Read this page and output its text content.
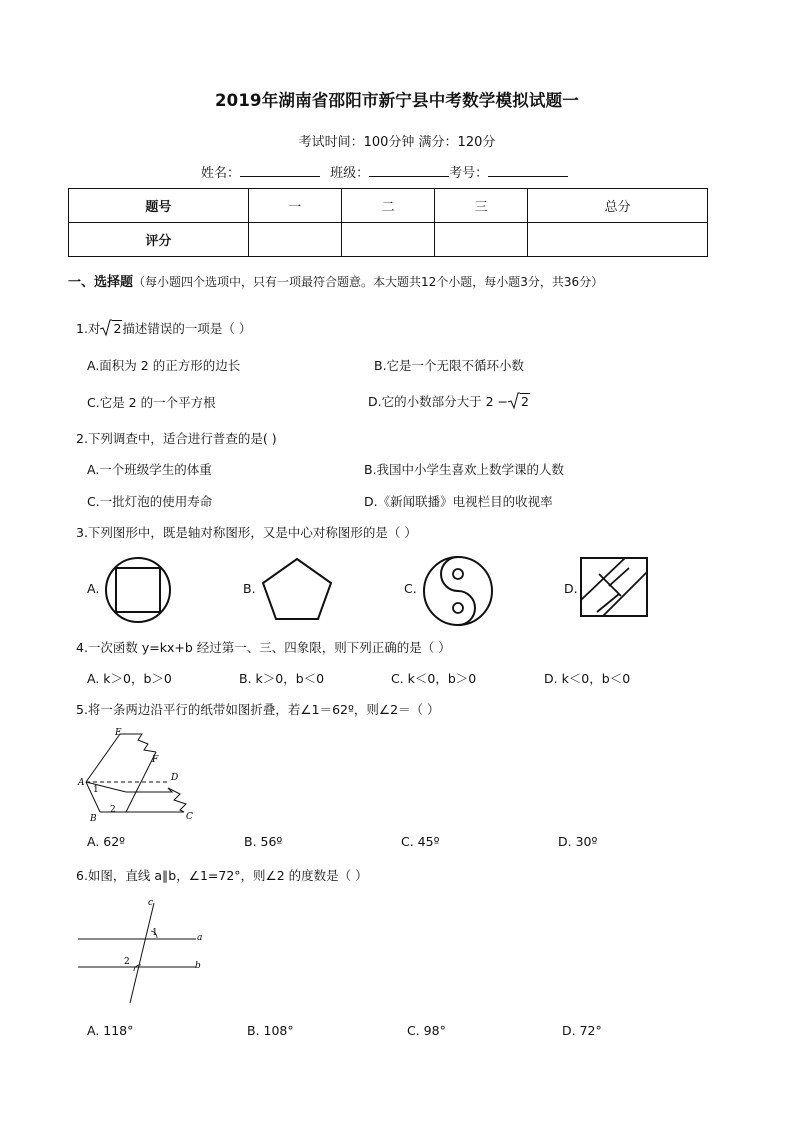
2019年湖南省邵阳市新宁县中考数学模拟试题一
考试时间：100分钟 满分：120分
姓名：	班级：	考号：
题号	一	二	三	总分
评分				
一、选择题（每小题四个选项中，只有一项最符合题意。本大题共12个小题，每小题3分，共36分）
1.对 2描述错误的一项是（ ）
A.面积为 2 的正方形的边长	B.它是一个无限不循环小数
C.它是 2 的一个平方根	D.它的小数部分大于 2 − 2
2.下列调查中，适合进行普查的是( )
A.一个班级学生的体重	B.我国中小学生喜欢上数学课的人数
C.一批灯泡的使用寿命	D.《新闻联播》电视栏目的收视率
3.下列图形中，既是轴对称图形，又是中心对称图形的是（ ）
A.	B.	C.	D.
4.一次函数 y=kx+b 经过第一、三、四象限，则下列正确的是（ ）
A. k＞0，b＞0	B. k＞0，b＜0	C. k＜0，b＞0	D. k＜0，b＜0
5.将一条两边沿平行的纸带如图折叠，若∠1＝62º，则∠2＝（ ）
E
F
A	D
1
B
2
C
A. 62º	B. 56º	C. 45º	D. 30º
6.如图，直线 a∥b，∠1=72°，则∠2 的度数是（ ）
c
1	a
2	b
A. 118°	B. 108°	C. 98°	D. 72°
